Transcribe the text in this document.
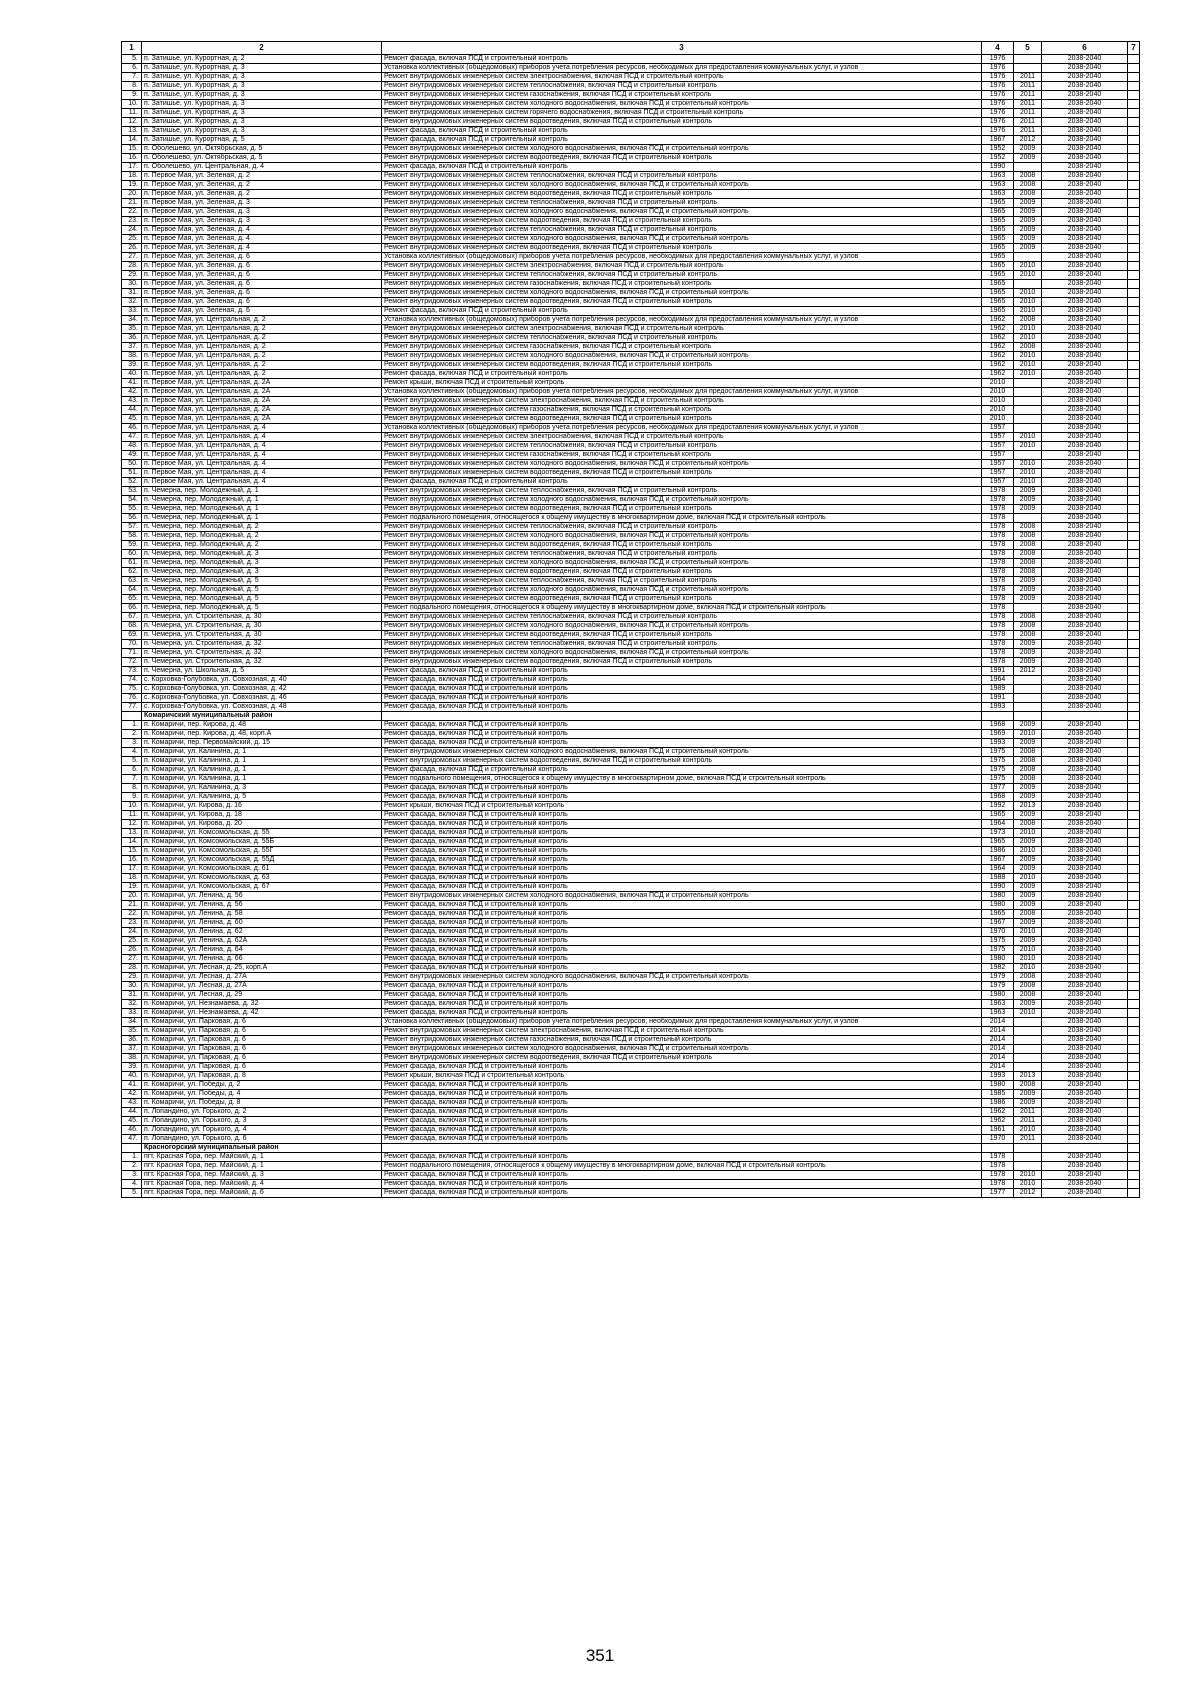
1	2	3	4	5	6	7
5.	п. Затишье, ул. Курортная, д. 2	Ремонт фасада, включая ПСД и строительный контроль	1976		2038-2040	
6.	п. Затишье, ул. Курортная, д. 3	Установка коллективных (общедомовых) приборов учета потребления ресурсов, необходимых для предоставления коммунальных услуг, и узлов	1976		2038-2040	
7.	п. Затишье, ул. Курортная, д. 3	Ремонт внутридомовых инженерных систем электроснабжения, включая ПСД и строительный контроль	1976	2011	2038-2040	
8.	п. Затишье, ул. Курортная, д. 3	Ремонт внутридомовых инженерных систем теплоснабжения, включая ПСД и строительный контроль	1976	2011	2038-2040	
9.	п. Затишье, ул. Курортная, д. 3	Ремонт внутридомовых инженерных систем газоснабжения, включая ПСД и строительный контроль	1976	2011	2038-2040	
10.	п. Затишье, ул. Курортная, д. 3	Ремонт внутридомовых инженерных систем холодного водоснабжения, включая ПСД и строительный контроль	1976	2011	2038-2040	
11.	п. Затишье, ул. Курортная, д. 3	Ремонт внутридомовых инженерных систем горячего водоснабжения, включая ПСД и строительный контроль	1976	2011	2038-2040	
12.	п. Затишье, ул. Курортная, д. 3	Ремонт внутридомовых инженерных систем водоотведения, включая ПСД и строительный контроль	1976	2011	2038-2040	
13.	п. Затишье, ул. Курортная, д. 3	Ремонт фасада, включая ПСД и строительный контроль	1976	2011	2038-2040	
14.	п. Затишье, ул. Курортная, д. 5	Ремонт фасада, включая ПСД и строительный контроль	1967	2012	2038-2040	
15.	п. Оболешево, ул. Октябрьская, д. 5	Ремонт внутридомовых инженерных систем холодного водоснабжения, включая ПСД и строительный контроль	1952	2009	2038-2040	
16.	п. Оболешево, ул. Октябрьская, д. 5	Ремонт внутридомовых инженерных систем водоотведения, включая ПСД и строительный контроль	1952	2009	2038-2040	
17.	п. Оболешево, ул. Центральная, д. 4	Ремонт фасада, включая ПСД и строительный контроль	1990		2038-2040	
18.	п. Первое Мая, ул. Зеленая, д. 2	Ремонт внутридомовых инженерных систем теплоснабжения, включая ПСД и строительный контроль	1963	2008	2038-2040	
19.	п. Первое Мая, ул. Зеленая, д. 2	Ремонт внутридомовых инженерных систем холодного водоснабжения, включая ПСД и строительный контроль	1963	2008	2038-2040	
20.	п. Первое Мая, ул. Зеленая, д. 2	Ремонт внутридомовых инженерных систем водоотведения, включая ПСД и строительный контроль	1963	2008	2038-2040	
21.	п. Первое Мая, ул. Зеленая, д. 3	Ремонт внутридомовых инженерных систем теплоснабжения, включая ПСД и строительный контроль	1965	2009	2038-2040	
22.	п. Первое Мая, ул. Зеленая, д. 3	Ремонт внутридомовых инженерных систем холодного водоснабжения, включая ПСД и строительный контроль	1965	2009	2038-2040	
23.	п. Первое Мая, ул. Зеленая, д. 3	Ремонт внутридомовых инженерных систем водоотведения, включая ПСД и строительный контроль	1965	2009	2038-2040	
24.	п. Первое Мая, ул. Зеленая, д. 4	Ремонт внутридомовых инженерных систем теплоснабжения, включая ПСД и строительный контроль	1965	2009	2038-2040	
25.	п. Первое Мая, ул. Зеленая, д. 4	Ремонт внутридомовых инженерных систем холодного водоснабжения, включая ПСД и строительный контроль	1965	2009	2038-2040	
26.	п. Первое Мая, ул. Зеленая, д. 4	Ремонт внутридомовых инженерных систем водоотведения, включая ПСД и строительный контроль	1965	2009	2038-2040	
27.	п. Первое Мая, ул. Зеленая, д. 6	Установка коллективных (общедомовых) приборов учета потребления ресурсов, необходимых для предоставления коммунальных услуг, и узлов	1965		2038-2040	
28.	п. Первое Мая, ул. Зеленая, д. 6	Ремонт внутридомовых инженерных систем электроснабжения, включая ПСД и строительный контроль	1965	2010	2038-2040	
29.	п. Первое Мая, ул. Зеленая, д. 6	Ремонт внутридомовых инженерных систем теплоснабжения, включая ПСД и строительный контроль	1965	2010	2038-2040	
30.	п. Первое Мая, ул. Зеленая, д. 6	Ремонт внутридомовых инженерных систем газоснабжения, включая ПСД и строительный контроль	1965		2038-2040	
31.	п. Первое Мая, ул. Зеленая, д. 6	Ремонт внутридомовых инженерных систем холодного водоснабжения, включая ПСД и строительный контроль	1965	2010	2038-2040	
32.	п. Первое Мая, ул. Зеленая, д. 6	Ремонт внутридомовых инженерных систем водоотведения, включая ПСД и строительный контроль	1965	2010	2038-2040	
33.	п. Первое Мая, ул. Зеленая, д. 6	Ремонт фасада, включая ПСД и строительный контроль	1965	2010	2038-2040	
34.	п. Первое Мая, ул. Центральная, д. 2	Установка коллективных (общедомовых) приборов учета потребления ресурсов, необходимых для предоставления коммунальных услуг, и узлов	1962	2008	2038-2040	
35.	п. Первое Мая, ул. Центральная, д. 2	Ремонт внутридомовых инженерных систем электроснабжения, включая ПСД и строительный контроль	1962	2010	2038-2040	
36.	п. Первое Мая, ул. Центральная, д. 2	Ремонт внутридомовых инженерных систем теплоснабжения, включая ПСД и строительный контроль	1962	2010	2038-2040	
37.	п. Первое Мая, ул. Центральная, д. 2	Ремонт внутридомовых инженерных систем газоснабжения, включая ПСД и строительный контроль	1962	2008	2038-2040	
38.	п. Первое Мая, ул. Центральная, д. 2	Ремонт внутридомовых инженерных систем холодного водоснабжения, включая ПСД и строительный контроль	1962	2010	2038-2040	
39.	п. Первое Мая, ул. Центральная, д. 2	Ремонт внутридомовых инженерных систем водоотведения, включая ПСД и строительный контроль	1962	2010	2038-2040	
40.	п. Первое Мая, ул. Центральная, д. 2	Ремонт фасада, включая ПСД и строительный контроль	1962	2010	2038-2040	
41.	п. Первое Мая, ул. Центральная, д. 2А	Ремонт крыши, включая ПСД и строительный контроль	2010		2038-2040	
42.	п. Первое Мая, ул. Центральная, д. 2А	Установка коллективных (общедомовых) приборов учета потребления ресурсов, необходимых для предоставления коммунальных услуг, и узлов	2010		2038-2040	
43.	п. Первое Мая, ул. Центральная, д. 2А	Ремонт внутридомовых инженерных систем электроснабжения, включая ПСД и строительный контроль	2010		2038-2040	
44.	п. Первое Мая, ул. Центральная, д. 2А	Ремонт внутридомовых инженерных систем газоснабжения, включая ПСД и строительный контроль	2010		2038-2040	
45.	п. Первое Мая, ул. Центральная, д. 2А	Ремонт внутридомовых инженерных систем водоотведения, включая ПСД и строительный контроль	2010		2038-2040	
46.	п. Первое Мая, ул. Центральная, д. 4	Установка коллективных (общедомовых) приборов учета потребления ресурсов, необходимых для предоставления коммунальных услуг, и узлов	1957		2038-2040	
47.	п. Первое Мая, ул. Центральная, д. 4	Ремонт внутридомовых инженерных систем электроснабжения, включая ПСД и строительный контроль	1957	2010	2038-2040	
48.	п. Первое Мая, ул. Центральная, д. 4	Ремонт внутридомовых инженерных систем теплоснабжения, включая ПСД и строительный контроль	1957	2010	2038-2040	
49.	п. Первое Мая, ул. Центральная, д. 4	Ремонт внутридомовых инженерных систем газоснабжения, включая ПСД и строительный контроль	1957		2038-2040	
50.	п. Первое Мая, ул. Центральная, д. 4	Ремонт внутридомовых инженерных систем холодного водоснабжения, включая ПСД и строительный контроль	1957	2010	2038-2040	
51.	п. Первое Мая, ул. Центральная, д. 4	Ремонт внутридомовых инженерных систем водоотведения, включая ПСД и строительный контроль	1957	2010	2038-2040	
52.	п. Первое Мая, ул. Центральная, д. 4	Ремонт фасада, включая ПСД и строительный контроль	1957	2010	2038-2040	
53.	п. Чемерна, пер. Молодежный, д. 1	Ремонт внутридомовых инженерных систем теплоснабжения, включая ПСД и строительный контроль	1978	2009	2038-2040	
54.	п. Чемерна, пер. Молодежный, д. 1	Ремонт внутридомовых инженерных систем холодного водоснабжения, включая ПСД и строительный контроль	1978	2009	2038-2040	
55.	п. Чемерна, пер. Молодежный, д. 1	Ремонт внутридомовых инженерных систем водоотведения, включая ПСД и строительный контроль	1978	2009	2038-2040	
56.	п. Чемерна, пер. Молодежный, д. 1	Ремонт подвального помещения, относящегося к общему имуществу в многоквартирном доме, включая ПСД и строительный контроль	1978		2038-2040	
57.	п. Чемерна, пер. Молодежный, д. 2	Ремонт внутридомовых инженерных систем теплоснабжения, включая ПСД и строительный контроль	1978	2008	2038-2040	
58.	п. Чемерна, пер. Молодежный, д. 2	Ремонт внутридомовых инженерных систем холодного водоснабжения, включая ПСД и строительный контроль	1978	2008	2038-2040	
59.	п. Чемерна, пер. Молодежный, д. 2	Ремонт внутридомовых инженерных систем водоотведения, включая ПСД и строительный контроль	1978	2008	2038-2040	
60.	п. Чемерна, пер. Молодежный, д. 3	Ремонт внутридомовых инженерных систем теплоснабжения, включая ПСД и строительный контроль	1978	2008	2038-2040	
61.	п. Чемерна, пер. Молодежный, д. 3	Ремонт внутридомовых инженерных систем холодного водоснабжения, включая ПСД и строительный контроль	1978	2008	2038-2040	
62.	п. Чемерна, пер. Молодежный, д. 3	Ремонт внутридомовых инженерных систем водоотведения, включая ПСД и строительный контроль	1978	2008	2038-2040	
63.	п. Чемерна, пер. Молодежный, д. 5	Ремонт внутридомовых инженерных систем теплоснабжения, включая ПСД и строительный контроль	1978	2009	2038-2040	
64.	п. Чемерна, пер. Молодежный, д. 5	Ремонт внутридомовых инженерных систем холодного водоснабжения, включая ПСД и строительный контроль	1978	2009	2038-2040	
65.	п. Чемерна, пер. Молодежный, д. 5	Ремонт внутридомовых инженерных систем водоотведения, включая ПСД и строительный контроль	1978	2009	2038-2040	
66.	п. Чемерна, пер. Молодежный, д. 5	Ремонт подвального помещения, относящегося к общему имуществу в многоквартирном доме, включая ПСД и строительный контроль	1978		2038-2040	
67.	п. Чемерна, ул. Строительная, д. 30	Ремонт внутридомовых инженерных систем теплоснабжения, включая ПСД и строительный контроль	1978	2008	2038-2040	
68.	п. Чемерна, ул. Строительная, д. 30	Ремонт внутридомовых инженерных систем холодного водоснабжения, включая ПСД и строительный контроль	1978	2008	2038-2040	
69.	п. Чемерна, ул. Строительная, д. 30	Ремонт внутридомовых инженерных систем водоотведения, включая ПСД и строительный контроль	1978	2008	2038-2040	
70.	п. Чемерна, ул. Строительная, д. 32	Ремонт внутридомовых инженерных систем теплоснабжения, включая ПСД и строительный контроль	1978	2009	2038-2040	
71.	п. Чемерна, ул. Строительная, д. 32	Ремонт внутридомовых инженерных систем холодного водоснабжения, включая ПСД и строительный контроль	1978	2009	2038-2040	
72.	п. Чемерна, ул. Строительная, д. 32	Ремонт внутридомовых инженерных систем водоотведения, включая ПСД и строительный контроль	1978	2009	2038-2040	
73.	п. Чемерна, ул. Школьная, д. 5	Ремонт фасада, включая ПСД и строительный контроль	1991	2012	2038-2040	
74.	с. Корховка-Голубовка, ул. Совхозная, д. 40	Ремонт фасада, включая ПСД и строительный контроль	1964		2038-2040	
75.	с. Корховка-Голубовка, ул. Совхозная, д. 42	Ремонт фасада, включая ПСД и строительный контроль	1989		2038-2040	
76.	с. Корховка-Голубовка, ул. Совхозная, д. 46	Ремонт фасада, включая ПСД и строительный контроль	1991		2038-2040	
77.	с. Корховка-Голубовка, ул. Совхозная, д. 48	Ремонт фасада, включая ПСД и строительный контроль	1993		2038-2040	
	Комаричский муниципальный район					
1.	п. Комаричи, пер. Кирова, д. 48	Ремонт фасада, включая ПСД и строительный контроль	1968	2009	2038-2040	
2.	п. Комаричи, пер. Кирова, д. 48, корп.А	Ремонт фасада, включая ПСД и строительный контроль	1969	2010	2038-2040	
3.	п. Комаричи, пер. Первомайский, д. 15	Ремонт фасада, включая ПСД и строительный контроль	1993	2009	2038-2040	
4.	п. Комаричи, ул. Калинина, д. 1	Ремонт внутридомовых инженерных систем холодного водоснабжения, включая ПСД и строительный контроль	1975	2008	2038-2040	
5.	п. Комаричи, ул. Калинина, д. 1	Ремонт внутридомовых инженерных систем водоотведения, включая ПСД и строительный контроль	1975	2008	2038-2040	
6.	п. Комаричи, ул. Калинина, д. 1	Ремонт фасада, включая ПСД и строительный контроль	1975	2008	2038-2040	
7.	п. Комаричи, ул. Калинина, д. 1	Ремонт подвального помещения, относящегося к общему имуществу в многоквартирном доме, включая ПСД и строительный контроль	1975	2008	2038-2040	
8.	п. Комаричи, ул. Калинина, д. 3	Ремонт фасада, включая ПСД и строительный контроль	1977	2009	2038-2040	
9.	п. Комаричи, ул. Калинина, д. 5	Ремонт фасада, включая ПСД и строительный контроль	1968	2009	2038-2040	
10.	п. Комаричи, ул. Кирова, д. 16	Ремонт крыши, включая ПСД и строительный контроль	1992	2013	2038-2040	
11.	п. Комаричи, ул. Кирова, д. 18	Ремонт фасада, включая ПСД и строительный контроль	1965	2009	2038-2040	
12.	п. Комаричи, ул. Кирова, д. 20	Ремонт фасада, включая ПСД и строительный контроль	1964	2008	2038-2040	
13.	п. Комаричи, ул. Комсомольская, д. 55	Ремонт фасада, включая ПСД и строительный контроль	1973	2010	2038-2040	
14.	п. Комаричи, ул. Комсомольская, д. 55Б	Ремонт фасада, включая ПСД и строительный контроль	1965	2009	2038-2040	
15.	п. Комаричи, ул. Комсомольская, д. 55Г	Ремонт фасада, включая ПСД и строительный контроль	1986	2010	2038-2040	
16.	п. Комаричи, ул. Комсомольская, д. 55Д	Ремонт фасада, включая ПСД и строительный контроль	1967	2009	2038-2040	
17.	п. Комаричи, ул. Комсомольская, д. 61	Ремонт фасада, включая ПСД и строительный контроль	1964	2009	2038-2040	
18.	п. Комаричи, ул. Комсомольская, д. 63	Ремонт фасада, включая ПСД и строительный контроль	1988	2010	2038-2040	
19.	п. Комаричи, ул. Комсомольская, д. 67	Ремонт фасада, включая ПСД и строительный контроль	1990	2009	2038-2040	
20.	п. Комаричи, ул. Ленина, д. 56	Ремонт внутридомовых инженерных систем холодного водоснабжения, включая ПСД и строительный контроль	1980	2009	2038-2040	
21.	п. Комаричи, ул. Ленина, д. 56	Ремонт фасада, включая ПСД и строительный контроль	1980	2009	2038-2040	
22.	п. Комаричи, ул. Ленина, д. 58	Ремонт фасада, включая ПСД и строительный контроль	1965	2008	2038-2040	
23.	п. Комаричи, ул. Ленина, д. 60	Ремонт фасада, включая ПСД и строительный контроль	1967	2009	2038-2040	
24.	п. Комаричи, ул. Ленина, д. 62	Ремонт фасада, включая ПСД и строительный контроль	1970	2010	2038-2040	
25.	п. Комаричи, ул. Ленина, д. 62А	Ремонт фасада, включая ПСД и строительный контроль	1975	2009	2038-2040	
26.	п. Комаричи, ул. Ленина, д. 64	Ремонт фасада, включая ПСД и строительный контроль	1975	2010	2038-2040	
27.	п. Комаричи, ул. Ленина, д. 66	Ремонт фасада, включая ПСД и строительный контроль	1980	2010	2038-2040	
28.	п. Комаричи, ул. Лесная, д. 25, корп.А	Ремонт фасада, включая ПСД и строительный контроль	1982	2010	2038-2040	
29.	п. Комаричи, ул. Лесная, д. 27А	Ремонт внутридомовых инженерных систем холодного водоснабжения, включая ПСД и строительный контроль	1979	2008	2038-2040	
30.	п. Комаричи, ул. Лесная, д. 27А	Ремонт фасада, включая ПСД и строительный контроль	1979	2008	2038-2040	
31.	п. Комаричи, ул. Лесная, д. 29	Ремонт фасада, включая ПСД и строительный контроль	1980	2008	2038-2040	
32.	п. Комаричи, ул. Незнамаева, д. 32	Ремонт фасада, включая ПСД и строительный контроль	1963	2009	2038-2040	
33.	п. Комаричи, ул. Незнамаева, д. 42	Ремонт фасада, включая ПСД и строительный контроль	1963	2010	2038-2040	
34.	п. Комаричи, ул. Парковая, д. 6	Установка коллективных (общедомовых) приборов учета потребления ресурсов, необходимых для предоставления коммунальных услуг, и узлов	2014		2038-2040	
35.	п. Комаричи, ул. Парковая, д. 6	Ремонт внутридомовых инженерных систем электроснабжения, включая ПСД и строительный контроль	2014		2038-2040	
36.	п. Комаричи, ул. Парковая, д. 6	Ремонт внутридомовых инженерных систем газоснабжения, включая ПСД и строительный контроль	2014		2038-2040	
37.	п. Комаричи, ул. Парковая, д. 6	Ремонт внутридомовых инженерных систем холодного водоснабжения, включая ПСД и строительный контроль	2014		2038-2040	
38.	п. Комаричи, ул. Парковая, д. 6	Ремонт внутридомовых инженерных систем водоотведения, включая ПСД и строительный контроль	2014		2038-2040	
39.	п. Комаричи, ул. Парковая, д. 6	Ремонт фасада, включая ПСД и строительный контроль	2014		2038-2040	
40.	п. Комаричи, ул. Парковая, д. 8	Ремонт крыши, включая ПСД и строительный контроль	1993	2013	2038-2040	
41.	п. Комаричи, ул. Победы, д. 2	Ремонт фасада, включая ПСД и строительный контроль	1980	2008	2038-2040	
42.	п. Комаричи, ул. Победы, д. 4	Ремонт фасада, включая ПСД и строительный контроль	1985	2009	2038-2040	
43.	п. Комаричи, ул. Победы, д. 8	Ремонт фасада, включая ПСД и строительный контроль	1986	2009	2038-2040	
44.	п. Лопандино, ул. Горького, д. 2	Ремонт фасада, включая ПСД и строительный контроль	1962	2011	2038-2040	
45.	п. Лопандино, ул. Горького, д. 3	Ремонт фасада, включая ПСД и строительный контроль	1962	2011	2038-2040	
46.	п. Лопандино, ул. Горького, д. 4	Ремонт фасада, включая ПСД и строительный контроль	1961	2010	2038-2040	
47.	п. Лопандино, ул. Горького, д. 6	Ремонт фасада, включая ПСД и строительный контроль	1970	2011	2038-2040	
	Красногорский муниципальный район					
1.	пгт. Красная Гора, пер. Майский, д. 1	Ремонт фасада, включая ПСД и строительный контроль	1978		2038-2040	
2.	пгт. Красная Гора, пер. Майский, д. 1	Ремонт подвального помещения, относящегося к общему имуществу в многоквартирном доме, включая ПСД и строительный контроль	1978		2038-2040	
3.	пгт. Красная Гора, пер. Майский, д. 3	Ремонт фасада, включая ПСД и строительный контроль	1978	2010	2038-2040	
4.	пгт. Красная Гора, пер. Майский, д. 4	Ремонт фасада, включая ПСД и строительный контроль	1978	2010	2038-2040	
5.	пгт. Красная Гора, пер. Майский, д. 6	Ремонт фасада, включая ПСД и строительный контроль	1977	2012	2038-2040	
351
